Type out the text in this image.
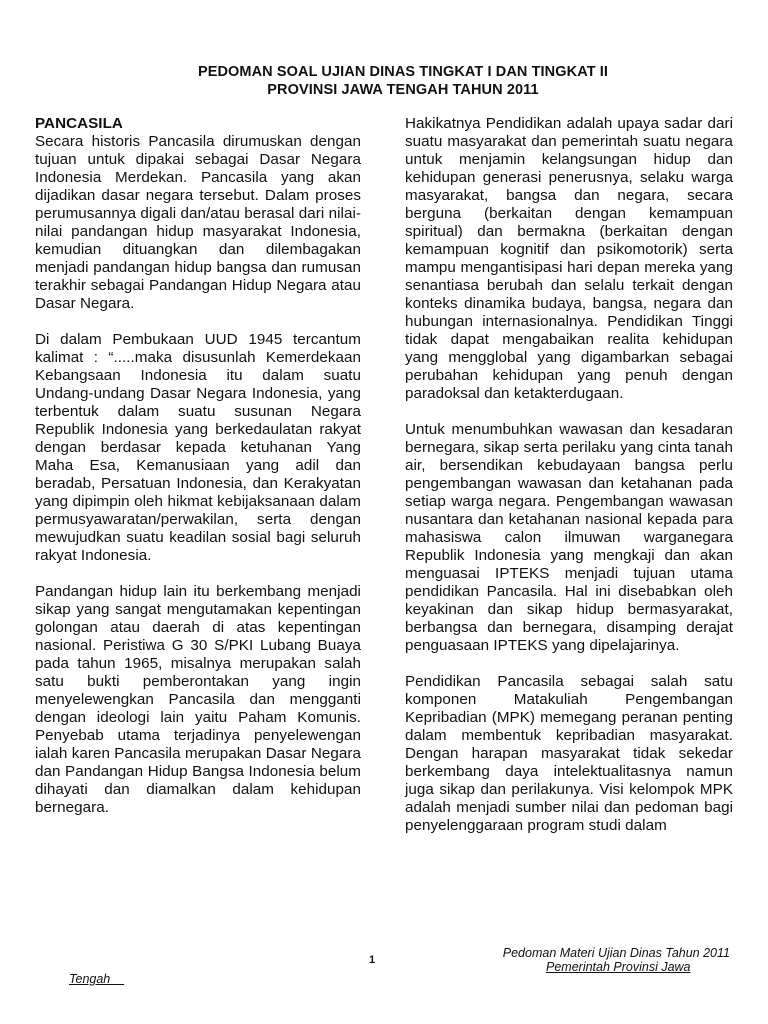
PEDOMAN SOAL UJIAN DINAS TINGKAT I DAN TINGKAT II
PROVINSI JAWA TENGAH TAHUN 2011
PANCASILA

Secara historis Pancasila dirumuskan dengan tujuan untuk dipakai sebagai Dasar Negara Indonesia Merdekan. Pancasila yang akan dijadikan dasar negara tersebut. Dalam proses perumusannya digali dan/atau berasal dari nilai-nilai pandangan hidup masyarakat Indonesia, kemudian dituangkan dan dilembagakan menjadi pandangan hidup bangsa dan rumusan terakhir sebagai Pandangan Hidup Negara atau Dasar Negara.

Di dalam Pembukaan UUD 1945 tercantum kalimat : “.....maka disusunlah Kemerdekaan Kebangsaan Indonesia itu dalam suatu Undang-undang Dasar Negara Indonesia, yang terbentuk dalam suatu susunan Negara Republik Indonesia yang berkedaulatan rakyat dengan berdasar kepada ketuhanan Yang Maha Esa, Kemanusiaan yang adil dan beradab, Persatuan Indonesia, dan Kerakyatan yang dipimpin oleh hikmat kebijaksanaan dalam permusyawaratan/perwakilan, serta dengan mewujudkan suatu keadilan sosial bagi seluruh rakyat Indonesia.

Pandangan hidup lain itu berkembang menjadi sikap yang sangat mengutamakan kepentingan golongan atau daerah di atas kepentingan nasional. Peristiwa G 30 S/PKI Lubang Buaya pada tahun 1965, misalnya merupakan salah satu bukti pemberontakan yang ingin menyelewengkan Pancasila dan mengganti dengan ideologi lain yaitu Paham Komunis. Penyebab utama terjadinya penyelewengan ialah karen Pancasila merupakan Dasar Negara dan Pandangan Hidup Bangsa Indonesia belum dihayati dan diamalkan dalam kehidupan bernegara.

Hakikatnya Pendidikan adalah upaya sadar dari suatu masyarakat dan pemerintah suatu negara untuk menjamin kelangsungan hidup dan kehidupan generasi penerusnya, selaku warga masyarakat, bangsa dan negara, secara berguna (berkaitan dengan kemampuan spiritual) dan bermakna (berkaitan dengan kemampuan kognitif dan psikomotorik) serta mampu mengantisipasi hari depan mereka yang senantiasa berubah dan selalu terkait dengan konteks dinamika budaya, bangsa, negara dan hubungan internasionalnya. Pendidikan Tinggi tidak dapat mengabaikan realita kehidupan yang mengglobal yang digambarkan sebagai perubahan kehidupan yang penuh dengan paradoksal dan ketakterdugaan.

Untuk menumbuhkan wawasan dan kesadaran bernegara, sikap serta perilaku yang cinta tanah air, bersendikan kebudayaan bangsa perlu pengembangan wawasan dan ketahanan pada setiap warga negara. Pengembangan wawasan nusantara dan ketahanan nasional kepada para mahasiswa calon ilmuwan warganegara Republik Indonesia yang mengkaji dan akan menguasai IPTEKS menjadi tujuan utama pendidikan Pancasila. Hal ini disebabkan oleh keyakinan dan sikap hidup bermasyarakat, berbangsa dan bernegara, disamping derajat penguasaan IPTEKS yang dipelajarinya.

Pendidikan Pancasila sebagai salah satu komponen Matakuliah Pengembangan Kepribadian (MPK) memegang peranan penting dalam membentuk kepribadian masyarakat. Dengan harapan masyarakat tidak sekedar berkembang daya intelektualitasnya namun juga sikap dan perilakunya. Visi kelompok MPK adalah menjadi sumber nilai dan pedoman bagi penyelenggaraan program studi dalam

1	Pedoman Materi Ujian Dinas Tahun 2011
Pemerintah Provinsi Jawa
Tengah
